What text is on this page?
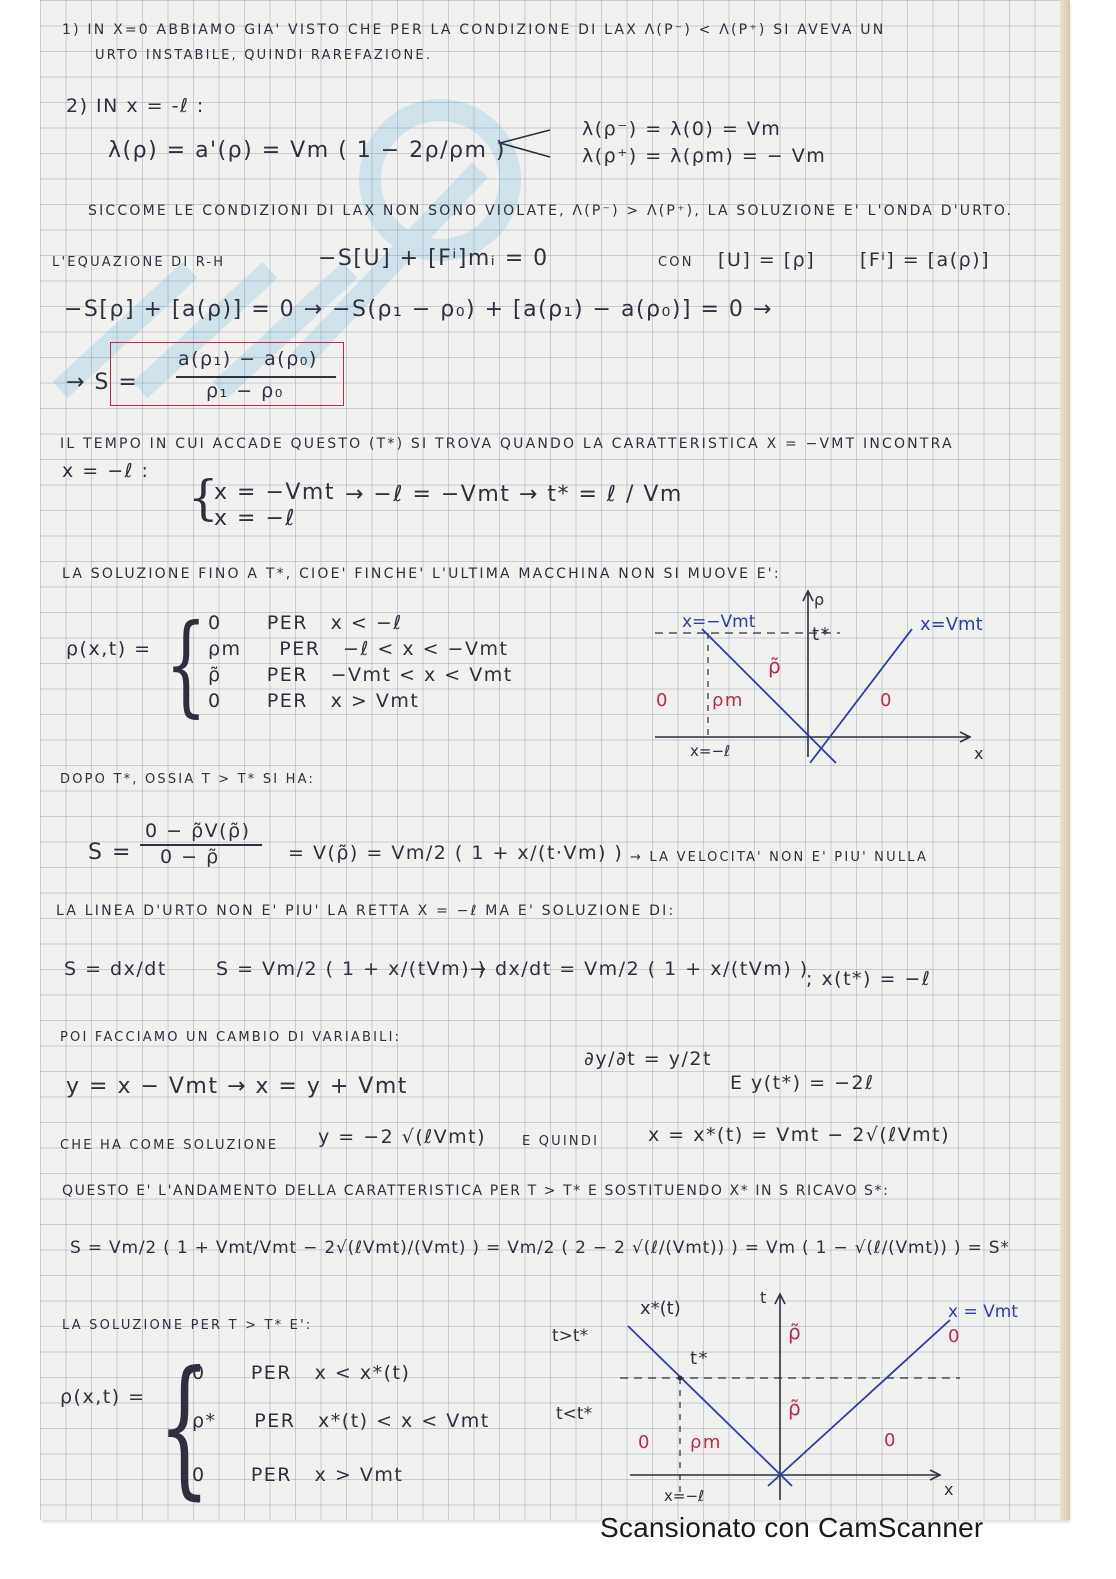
1) IN X=0 ABBIAMO GIA' VISTO CHE PER LA CONDIZIONE DI LAX Λ(Ρ⁻) < Λ(Ρ⁺) SI AVEVA UN
URTO INSTABILE, QUINDI RAREFAZIONE.
2) IN x = -ℓ :
λ(ρ) = a'(ρ) = Vm ( 1 − 2ρ/ρm )
λ(ρ⁻) = λ(0) = Vm
λ(ρ⁺) = λ(ρm) = − Vm
SICCOME LE CONDIZIONI DI LAX NON SONO VIOLATE, Λ(Ρ⁻) > Λ(Ρ⁺), LA SOLUZIONE E' L'ONDA D'URTO.
L'EQUAZIONE DI R-H	−S[U] + [Fⁱ]mᵢ = 0	CON [U] = [ρ] [Fⁱ] = [a(ρ)]
−S[ρ] + [a(ρ)] = 0 → −S(ρ₁ − ρ₀) + [a(ρ₁) − a(ρ₀)] = 0 →
→ S =
a(ρ₁) − a(ρ₀)
ρ₁ − ρ₀
IL TEMPO IN CUI ACCADE QUESTO (T*) SI TROVA QUANDO LA CARATTERISTICA X = −VMT INCONTRA
x = −ℓ : {
x = −Vmt
x = −ℓ
→ −ℓ = −Vmt → t* = ℓ / Vm
LA SOLUZIONE FINO A T*, CIOE' FINCHE' L'ULTIMA MACCHINA NON SI MUOVE E':
ρ(x,t) = { 0      PER   x < −ℓ
ρm     PER   −ℓ < x < −Vmt
ρ̃      PER   −Vmt < x < Vmt
0      PER   x > Vmt
x=−Vmt	x=Vmt
ρ
t*
ρ̃
ρm
0	0
x=−ℓ	x
DOPO T*, OSSIA T > T* SI HA:
0 − ρ̃V(ρ̃)
S = 0 − ρ̃	= V(ρ̃) = Vm/2 ( 1 + x/(t·Vm) ) → LA VELOCITA' NON E' PIU' NULLA
LA LINEA D'URTO NON E' PIU' LA RETTA X = −ℓ MA E' SOLUZIONE DI:
S = dx/dt	S = Vm/2 ( 1 + x/(tVm) )
→ dx/dt = Vm/2 ( 1 + x/(tVm) )
; x(t*) = −ℓ
POI FACCIAMO UN CAMBIO DI VARIABILI:
∂y/∂t = y/2t
y = x − Vmt → x = y + Vmt	E y(t*) = −2ℓ
CHE HA COME SOLUZIONE y = −2 √(ℓVmt)	E QUINDI	x = x*(t) = Vmt − 2√(ℓVmt)
QUESTO E' L'ANDAMENTO DELLA CARATTERISTICA PER T > T* E SOSTITUENDO X* IN S RICAVO S*:
S = Vm/2 ( 1 + Vmt/Vmt − 2√(ℓVmt)/(Vmt) ) = Vm/2 ( 2 − 2 √(ℓ/(Vmt)) ) = Vm ( 1 − √(ℓ/(Vmt)) ) = S*
LA SOLUZIONE PER T > T* E':
ρ(x,t) = {
0      PER   x < x*(t)
ρ*     PER   x*(t) < x < Vmt
0      PER   x > Vmt
x*(t)
t
x = Vmt
0
t>t*	ρ̃
t*
t<t*	ρ̃
0 ρm	0
x=−ℓ	x
Scansionato con CamScanner
